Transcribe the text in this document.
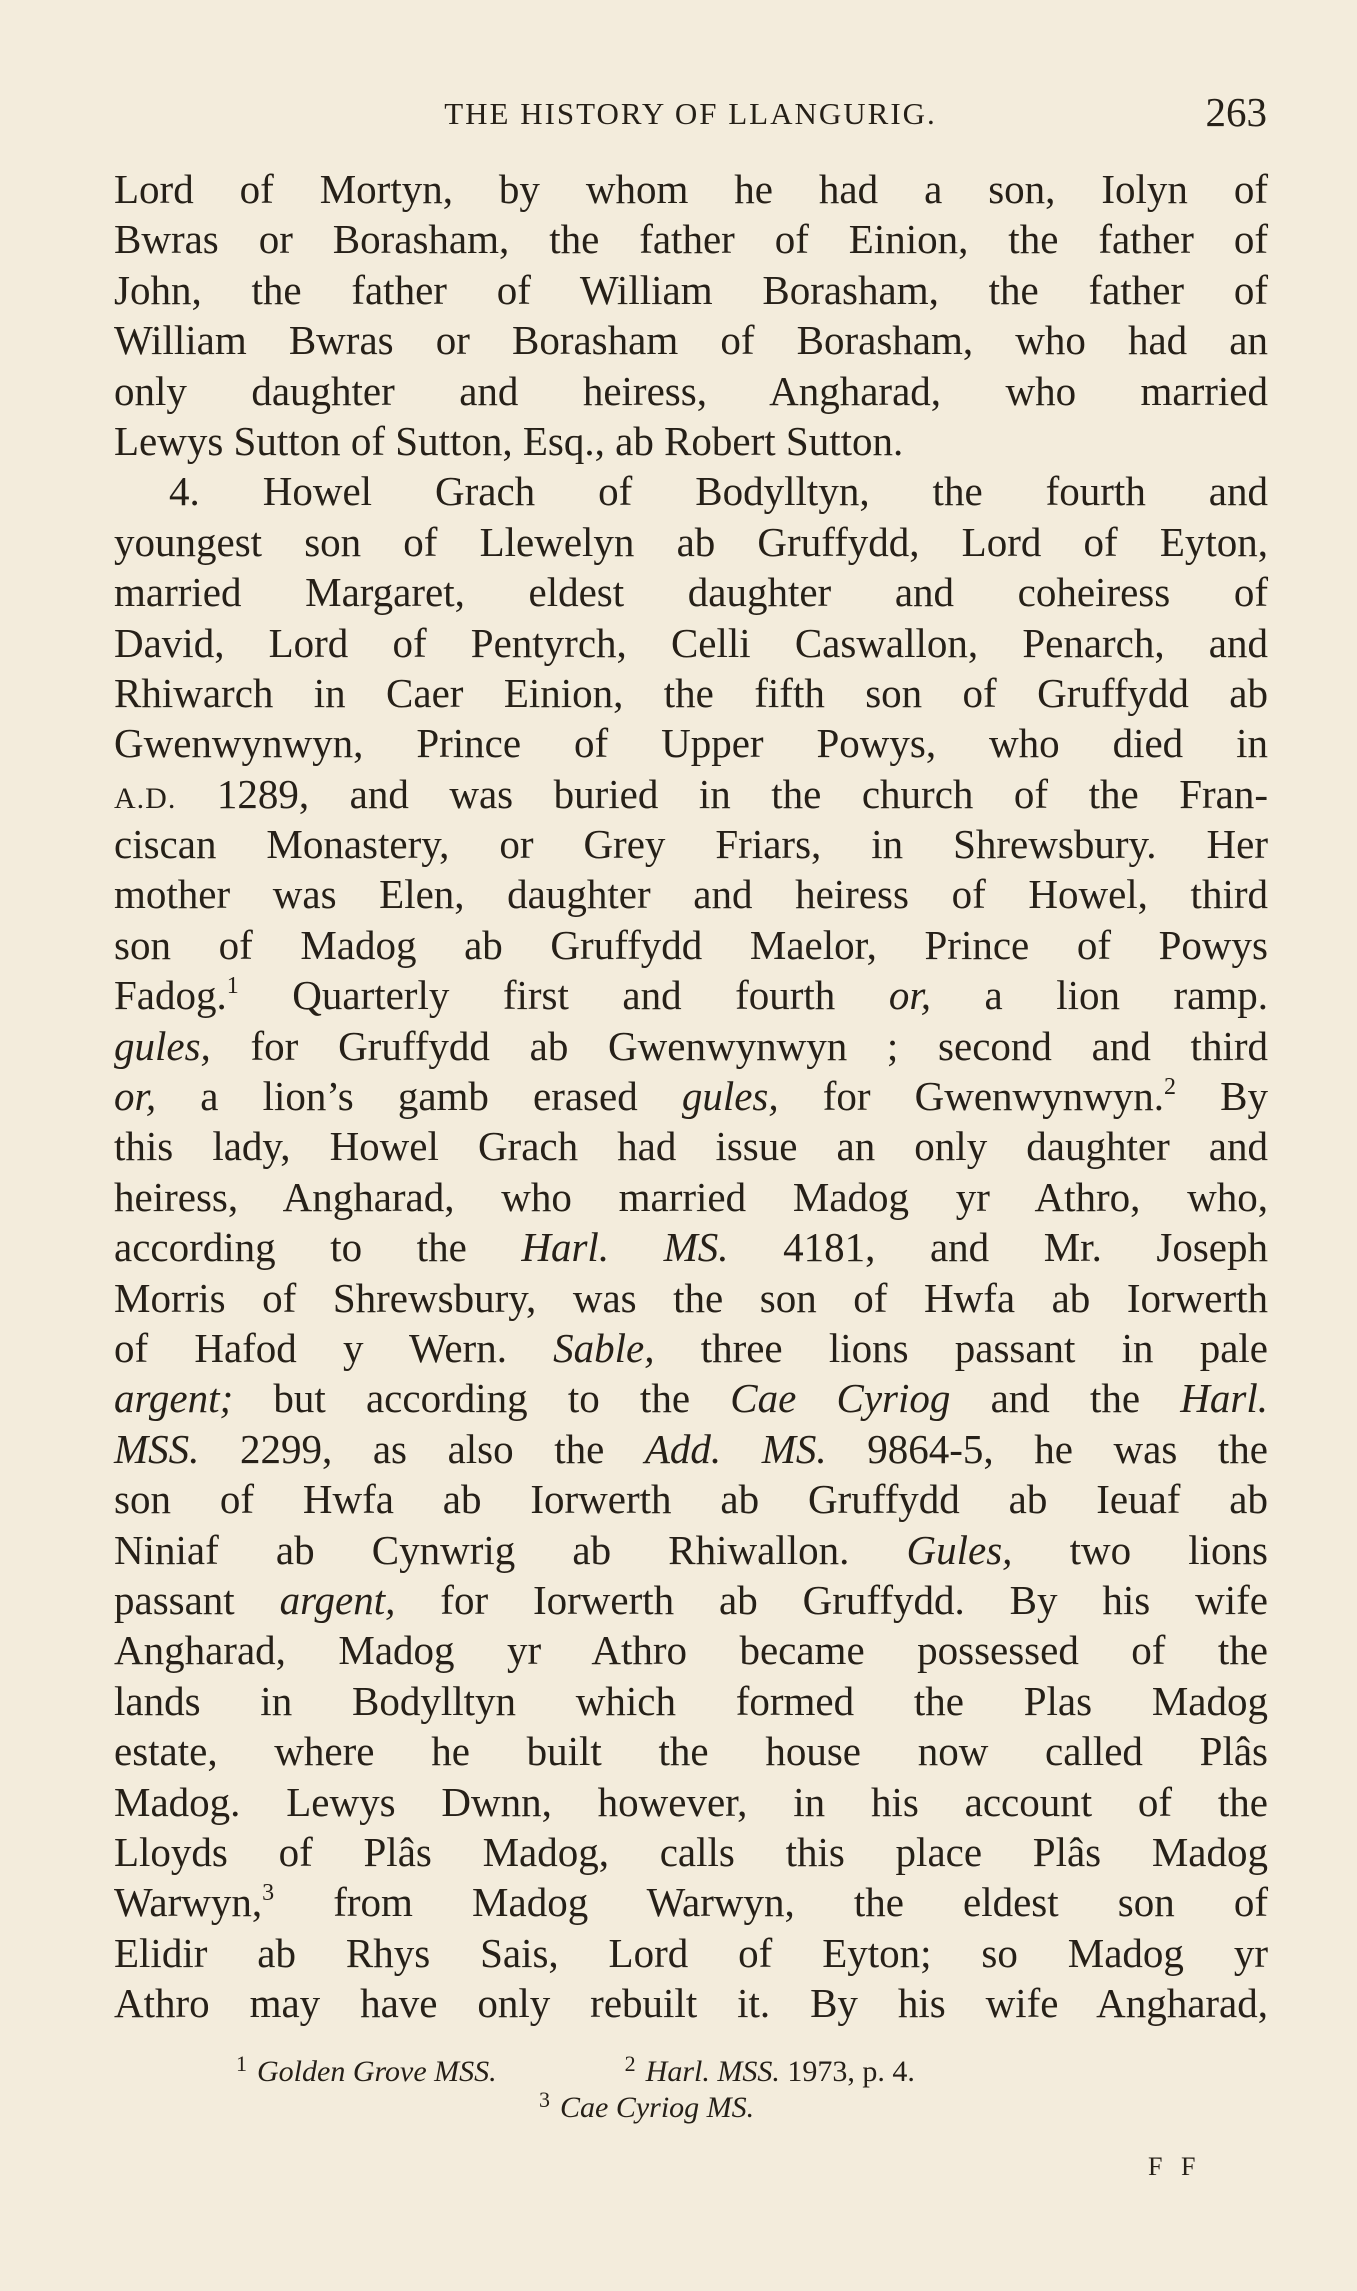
THE HISTORY OF LLANGURIG.	263
Lord of Mortyn, by whom he had a son, Iolyn of
Bwras or Borasham, the father of Einion, the father of
John, the father of William Borasham, the father of
William Bwras or Borasham of Borasham, who had an
only daughter and heiress, Angharad, who married
Lewys Sutton of Sutton, Esq., ab Robert Sutton.
4. Howel Grach of Bodylltyn, the fourth and
youngest son of Llewelyn ab Gruffydd, Lord of Eyton,
married Margaret, eldest daughter and coheiress of
David, Lord of Pentyrch, Celli Caswallon, Penarch, and
Rhiwarch in Caer Einion, the fifth son of Gruffydd ab
Gwenwynwyn, Prince of Upper Powys, who died in
A.D. 1289, and was buried in the church of the Fran-
ciscan Monastery, or Grey Friars, in Shrewsbury. Her
mother was Elen, daughter and heiress of Howel, third
son of Madog ab Gruffydd Maelor, Prince of Powys
Fadog.$^1$ Quarterly first and fourth or, a lion ramp.
gules, for Gruffydd ab Gwenwynwyn ; second and third
or, a lion’s gamb erased gules, for Gwenwynwyn.$^2$ By
this lady, Howel Grach had issue an only daughter and
heiress, Angharad, who married Madog yr Athro, who,
according to the Harl. MS. 4181, and Mr. Joseph
Morris of Shrewsbury, was the son of Hwfa ab Iorwerth
of Hafod y Wern. Sable, three lions passant in pale
argent; but according to the Cae Cyriog and the Harl.
MSS. 2299, as also the Add. MS. 9864-5, he was the
son of Hwfa ab Iorwerth ab Gruffydd ab Ieuaf ab
Niniaf ab Cynwrig ab Rhiwallon. Gules, two lions
passant argent, for Iorwerth ab Gruffydd. By his wife
Angharad, Madog yr Athro became possessed of the
lands in Bodylltyn which formed the Plas Madog
estate, where he built the house now called Plâs
Madog. Lewys Dwnn, however, in his account of the
Lloyds of Plâs Madog, calls this place Plâs Madog
Warwyn,$^3$ from Madog Warwyn, the eldest son of
Elidir ab Rhys Sais, Lord of Eyton; so Madog yr
Athro may have only rebuilt it. By his wife Angharad,
$^1$ Golden Grove MSS.	$^2$ Harl. MSS. 1973, p. 4.
$^3$ Cae Cyriog MS.
F F
